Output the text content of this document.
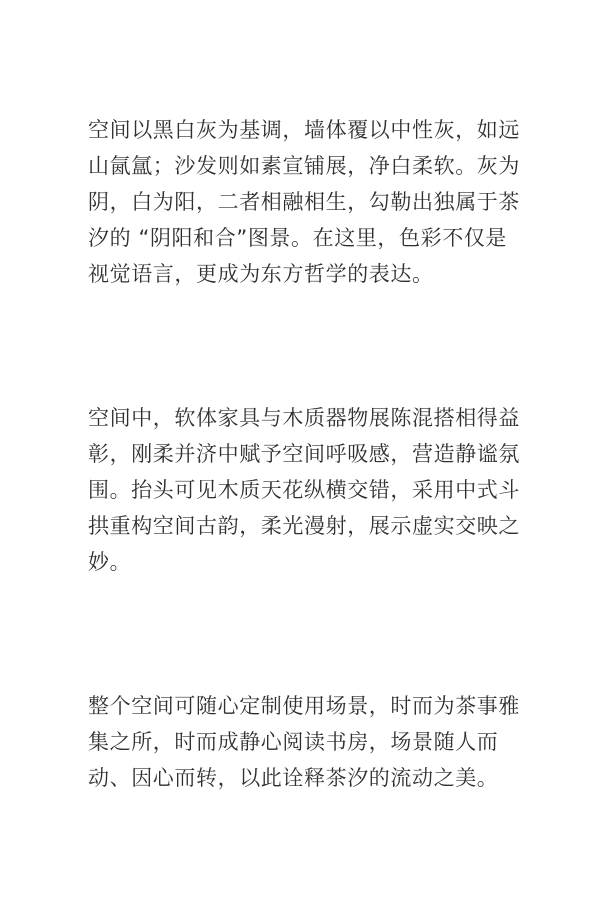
空间以黑白灰为基调，墙体覆以中性灰，如远山氤氲；沙发则如素宣铺展，净白柔软。灰为阴，白为阳，二者相融相生，勾勒出独属于茶汐的 “阴阳和合”图景。在这里，色彩不仅是视觉语言，更成为东方哲学的表达。

空间中，软体家具与木质器物展陈混搭相得益彰，刚柔并济中赋予空间呼吸感，营造静谧氛围。抬头可见木质天花纵横交错，采用中式斗拱重构空间古韵，柔光漫射，展示虚实交映之妙。

整个空间可随心定制使用场景，时而为茶事雅集之所，时而成静心阅读书房，场景随人而动、因心而转，以此诠释茶汐的流动之美。
